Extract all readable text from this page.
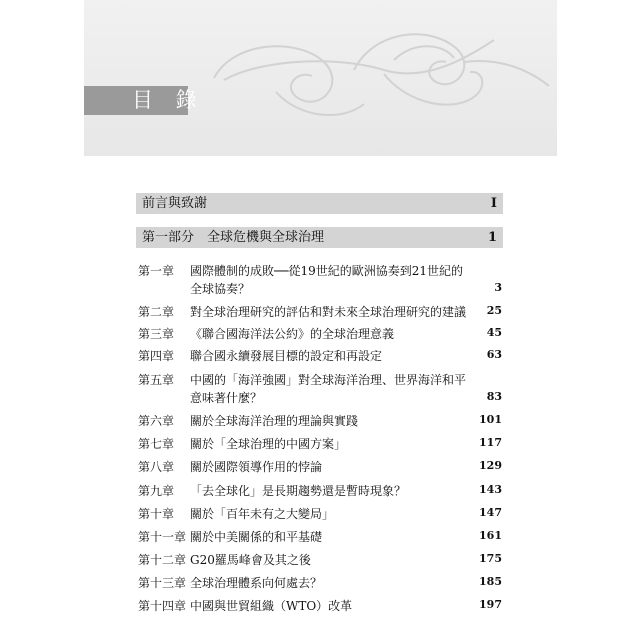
目 錄
前言與致謝	I
第一部分　全球危機與全球治理	1
第一章 國際體制的成敗──從19世紀的歐洲協奏到21世紀的
全球協奏？	3
第二章 對全球治理研究的評估和對未來全球治理研究的建議 25
第三章 《聯合國海洋法公約》的全球治理意義	45
第四章 聯合國永續發展目標的設定和再設定	63
第五章 中國的「海洋強國」對全球海洋治理、世界海洋和平
意味著什麼？	83
第六章 關於全球海洋治理的理論與實踐	101
第七章 關於「全球治理的中國方案」	117
第八章 關於國際領導作用的悖論	129
第九章 「去全球化」是長期趨勢還是暫時現象？	143
第十章 關於「百年未有之大變局」	147
第十一章 關於中美關係的和平基礎	161
第十二章 G20羅馬峰會及其之後	175
第十三章 全球治理體系向何處去？	185
第十四章 中國與世貿組織（WTO）改革	197
